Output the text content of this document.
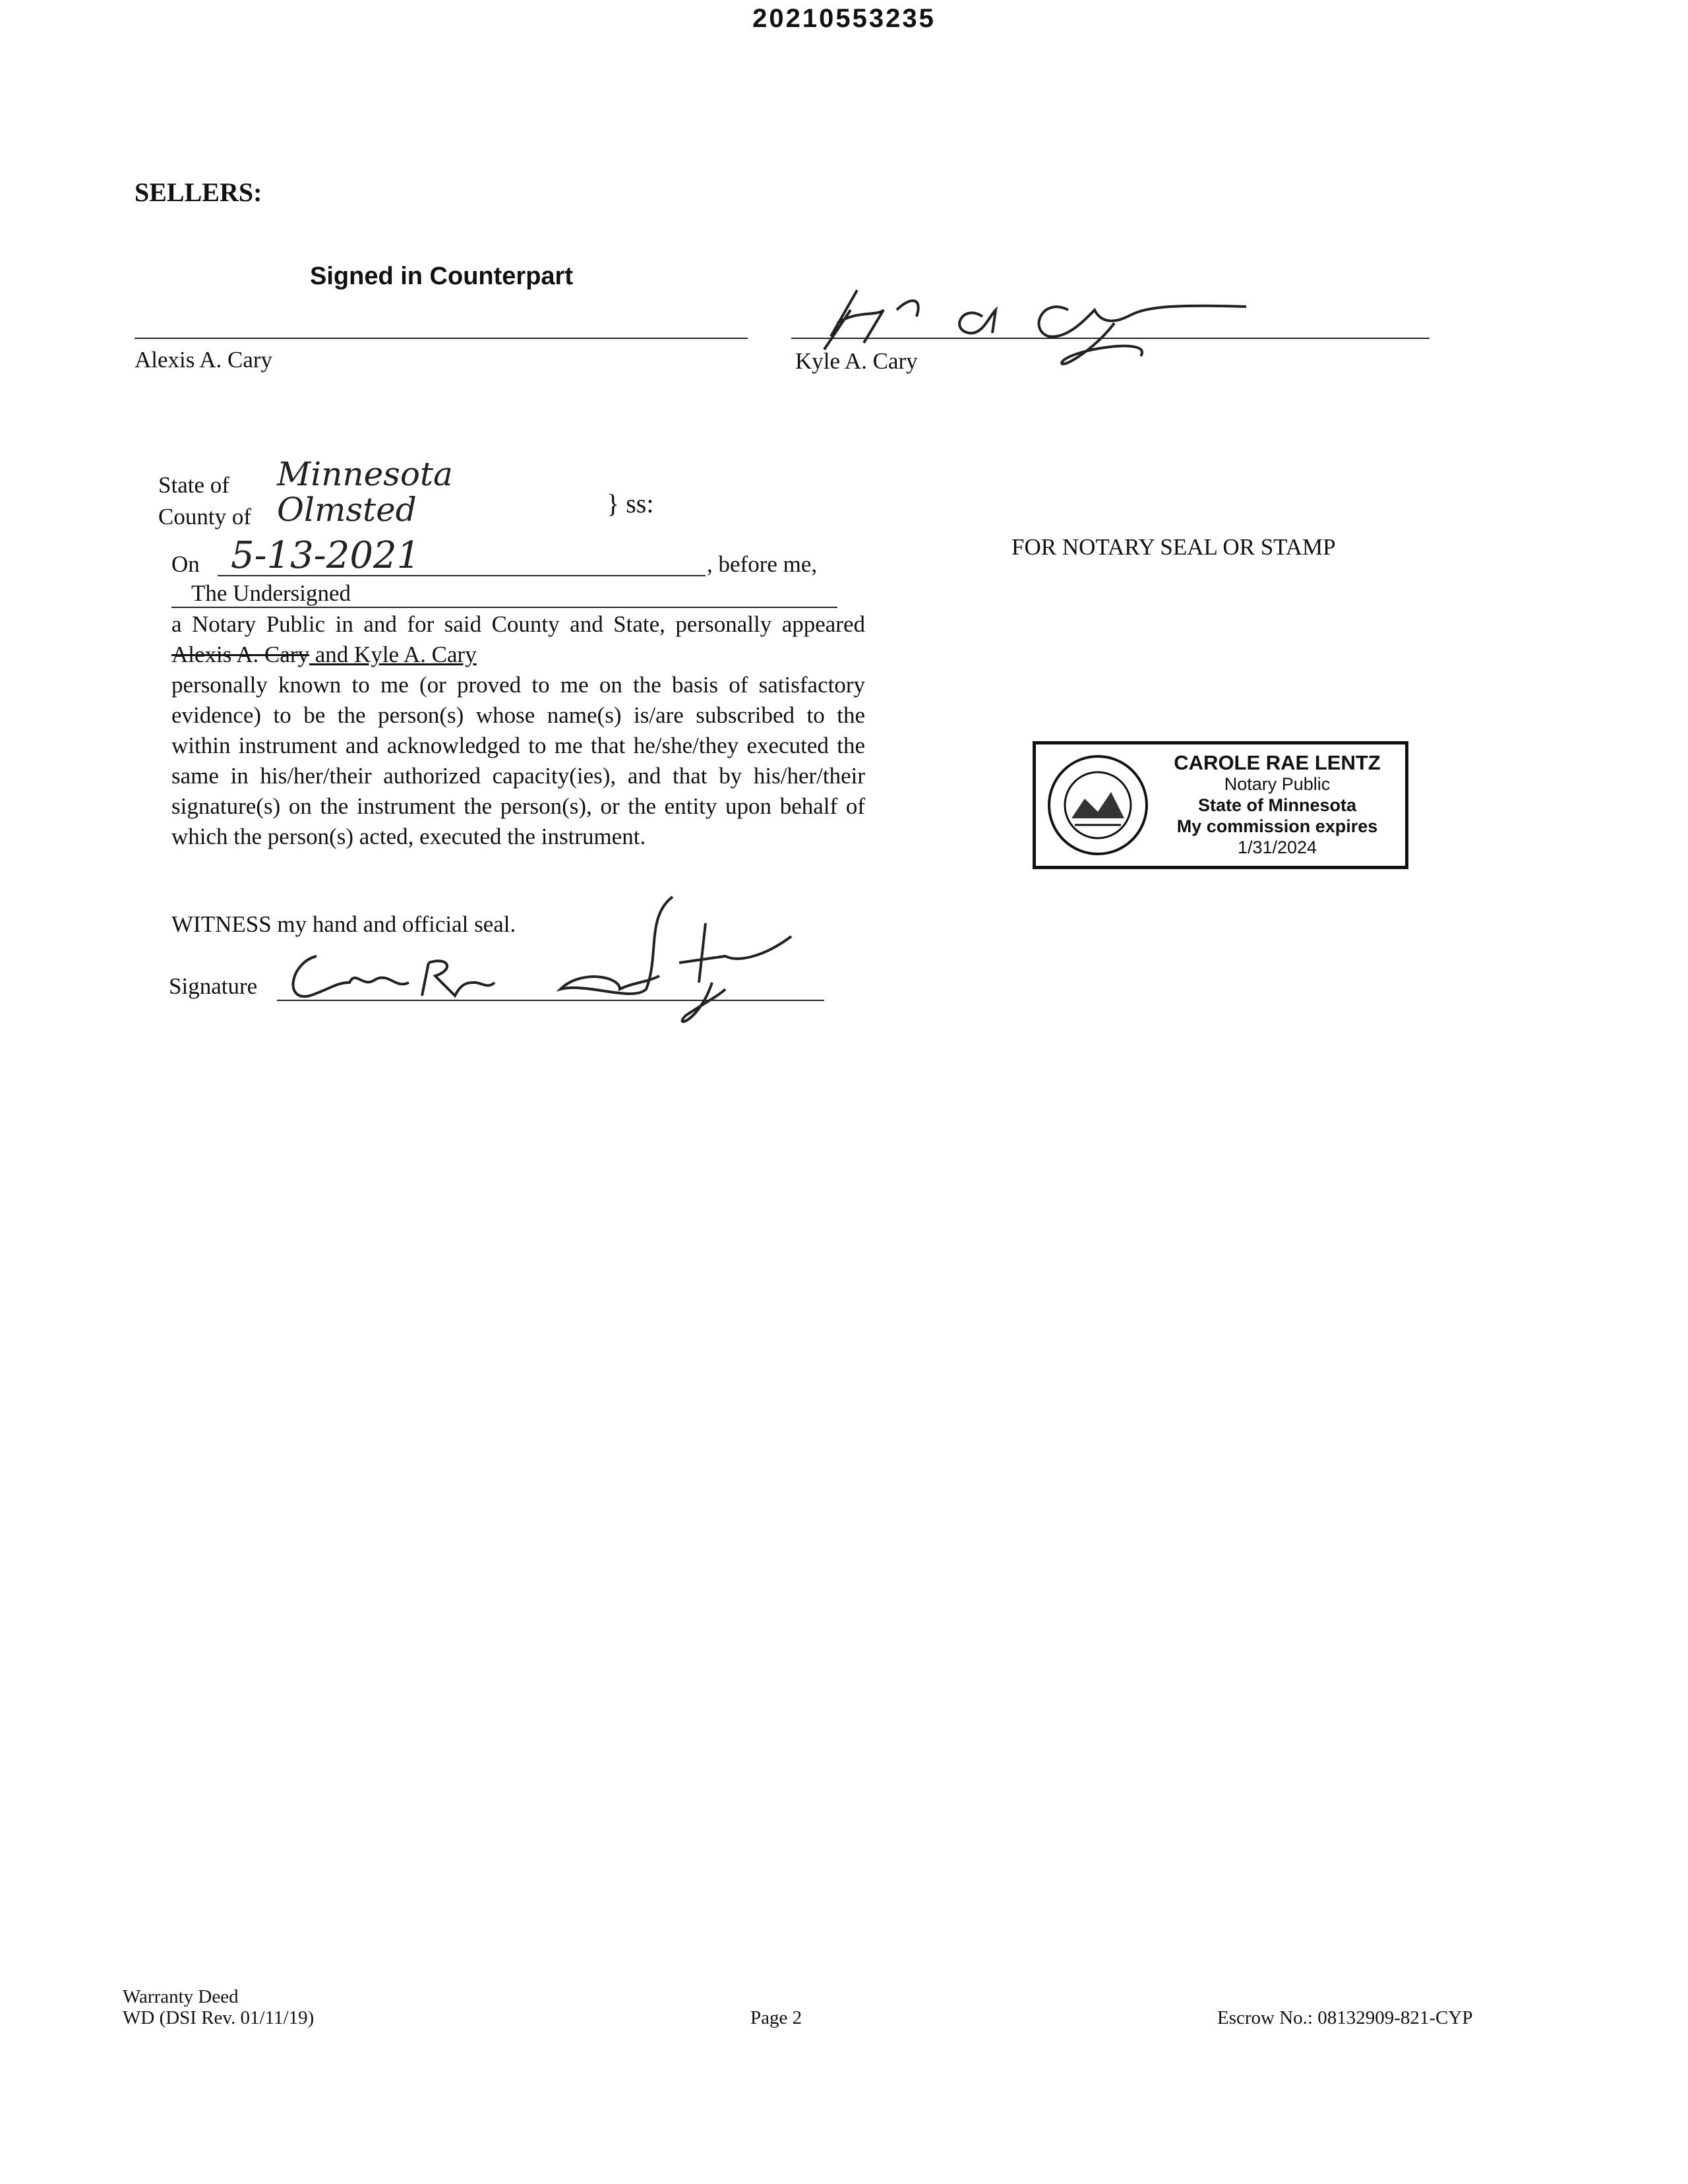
20210553235
SELLERS:
Signed in Counterpart
Alexis A. Cary	Kyle A. Cary
State of Minnesota
County of Olmsted	} ss:
On 5-13-2021	, before me,
The Undersigned
a Notary Public in and for said County and State, personally appeared Alexis A. Cary and Kyle A. Cary
personally known to me (or proved to me on the basis of satisfactory evidence) to be the person(s) whose name(s) is/are subscribed to the within instrument and acknowledged to me that he/she/they executed the same in his/her/their authorized capacity(ies), and that by his/her/their signature(s) on the instrument the person(s), or the entity upon behalf of which the person(s) acted, executed the instrument.
WITNESS my hand and official seal.
Signature
FOR NOTARY SEAL OR STAMP
CAROLE RAE LENTZ
Notary Public
State of Minnesota
My commission expires
1/31/2024
Warranty Deed
WD (DSI Rev. 01/11/19)	Page 2	Escrow No.: 08132909-821-CYP
